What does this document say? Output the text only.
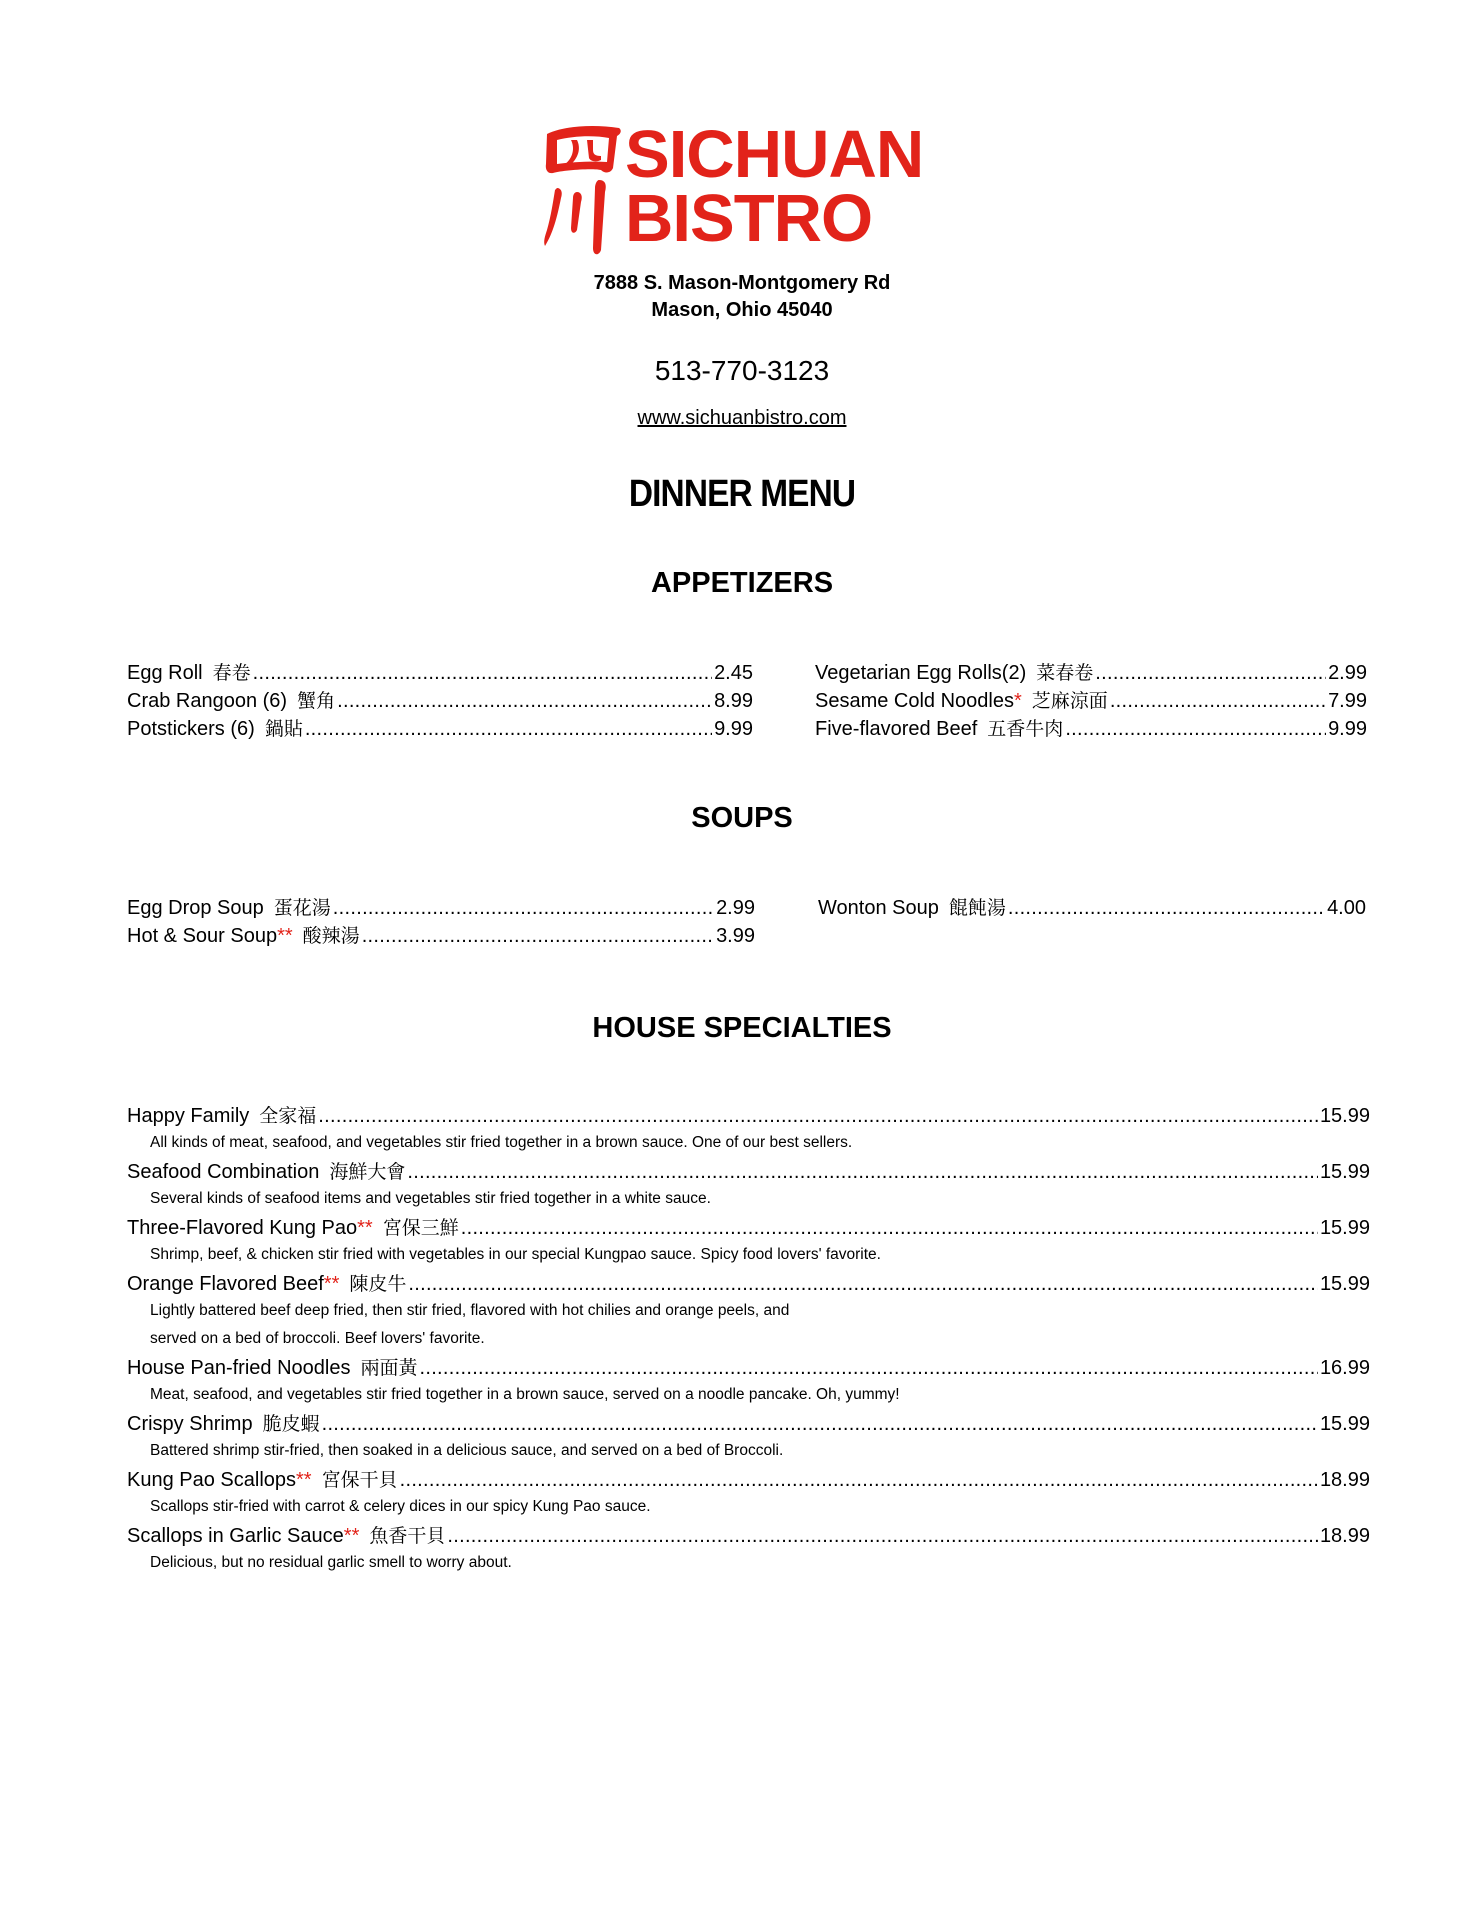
SICHUAN
BISTRO
7888 S. Mason-Montgomery Rd
Mason, Ohio 45040
513-770-3123
www.sichuanbistro.com
DINNER MENU
APPETIZERS
Egg Roll 春卷 .....	2.45
Crab Rangoon (6) 蟹角 .....	8.99
Potstickers (6) 鍋貼 .....	9.99
Vegetarian Egg Rolls(2) 菜春卷 .....	2.99
Sesame Cold Noodles * 芝麻涼面 .....	7.99
Five-flavored Beef 五香牛肉 .....	9.99
SOUPS
Egg Drop Soup 蛋花湯 .....	2.99
Hot & Sour Soup ** 酸辣湯 .....	3.99
Wonton Soup 餛飩湯 .....	4.00
HOUSE SPECIALTIES
Happy Family 全家福 .....	15.99
All kinds of meat, seafood, and vegetables stir fried together in a brown sauce. One of our best sellers.
Seafood Combination 海鮮大會 .....	15.99
Several kinds of seafood items and vegetables stir fried together in a white sauce.
Three-Flavored Kung Pao ** 宮保三鮮 .....	15.99
Shrimp, beef, & chicken stir fried with vegetables in our special Kungpao sauce. Spicy food lovers' favorite.
Orange Flavored Beef ** 陳皮牛 .....	15.99
Lightly battered beef deep fried, then stir fried, flavored with hot chilies and orange peels, and
served on a bed of broccoli. Beef lovers' favorite.
House Pan-fried Noodles 兩面黃 .....	16.99
Meat, seafood, and vegetables stir fried together in a brown sauce, served on a noodle pancake. Oh, yummy!
Crispy Shrimp 脆皮蝦 .....	15.99
Battered shrimp stir-fried, then soaked in a delicious sauce, and served on a bed of Broccoli.
Kung Pao Scallops ** 宮保干貝 .....	18.99
Scallops stir-fried with carrot & celery dices in our spicy Kung Pao sauce.
Scallops in Garlic Sauce ** 魚香干貝 .....	18.99
Delicious, but no residual garlic smell to worry about.
